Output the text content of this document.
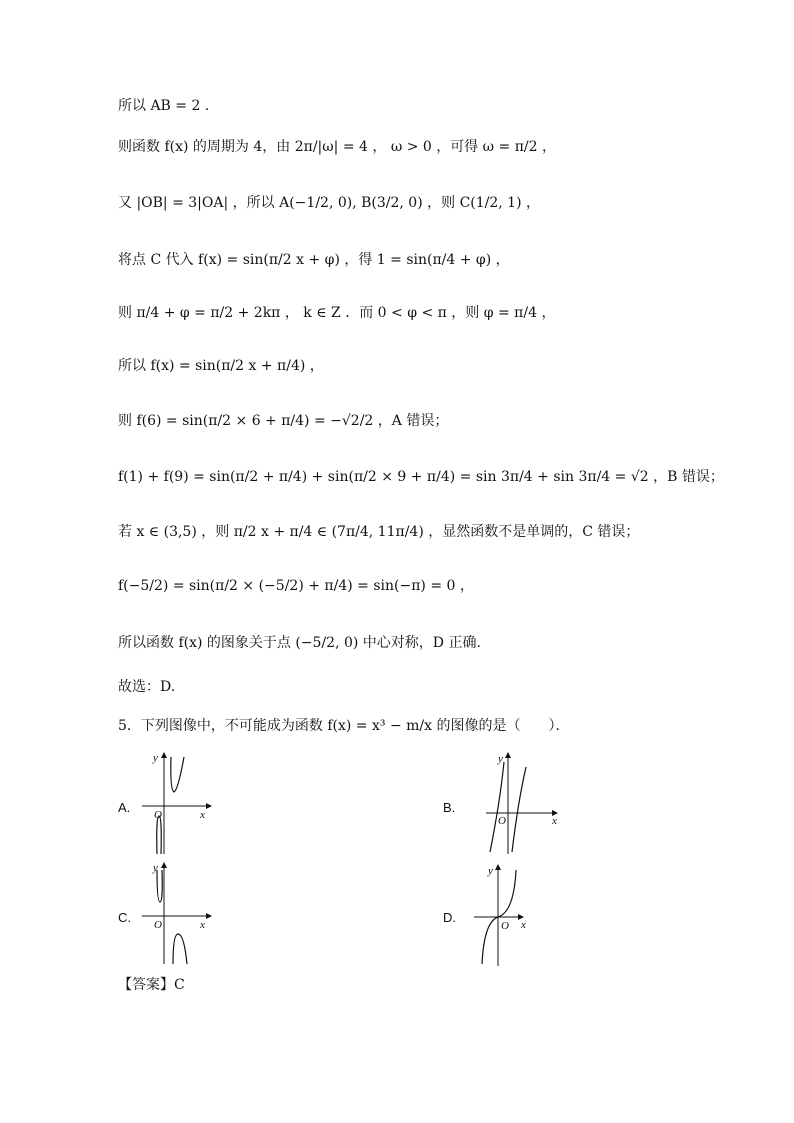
所以 AB = 2 .
则函数 f(x) 的周期为 4，由 2π/|ω| = 4 ， ω > 0 ，可得 ω = π/2 ，
又 |OB| = 3|OA| ，所以 A(−1/2, 0), B(3/2, 0) ，则 C(1/2, 1) ，
将点 C 代入 f(x) = sin(π/2 x + φ) ，得 1 = sin(π/4 + φ) ，
则 π/4 + φ = π/2 + 2kπ ， k ∈ Z ．而 0 < φ < π ，则 φ = π/4 ，
所以 f(x) = sin(π/2 x + π/4) ，
则 f(6) = sin(π/2 × 6 + π/4) = −√2/2 ，A 错误；
f(1) + f(9) = sin(π/2 + π/4) + sin(π/2 × 9 + π/4) = sin 3π/4 + sin 3π/4 = √2 ，B 错误；
若 x ∈ (3,5) ，则 π/2 x + π/4 ∈ (7π/4, 11π/4) ，显然函数不是单调的，C 错误；
f(−5/2) = sin(π/2 × (−5/2) + π/4) = sin(−π) = 0 ，
所以函数 f(x) 的图象关于点 (−5/2, 0) 中心对称，D 正确.
故选：D.
5．下列图像中，不可能成为函数 f(x) = x³ − m/x 的图像的是（　　）．
A. O	x
y
B.
O	x
y
C. O	x
y
D.
O x
y
【答案】C
